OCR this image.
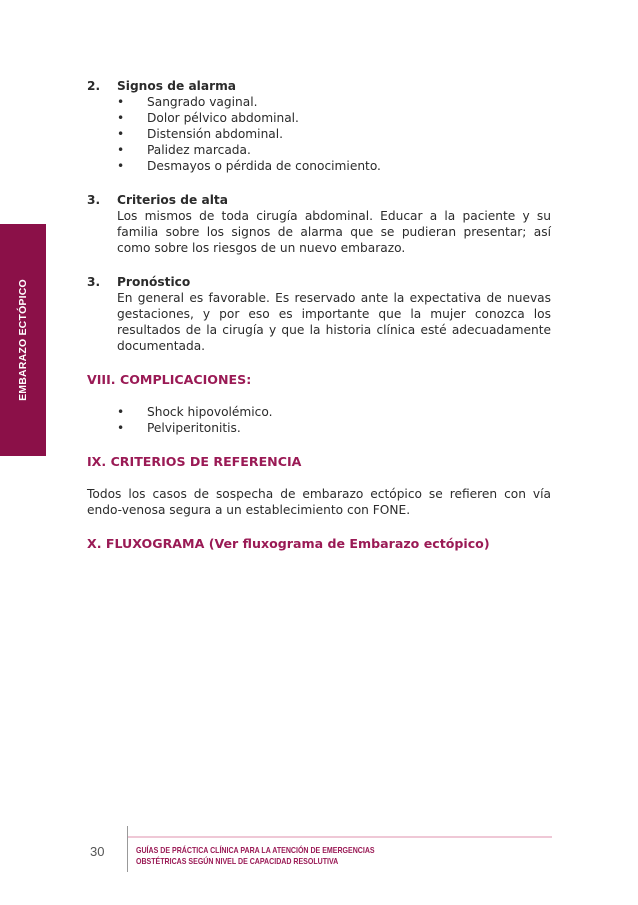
EMBARAZO ECTÓPICO
2.	Signos de alarma
•	Sangrado vaginal.
•	Dolor pélvico abdominal.
•	Distensión abdominal.
•	Palidez marcada.
•	Desmayos o pérdida de conocimiento.
3.	Criterios de alta
Los mismos de toda cirugía abdominal. Educar a la paciente y su familia sobre los signos de alarma que se pudieran presentar; así como sobre los riesgos de un nuevo embarazo.
3.	Pronóstico
En general es favorable. Es reservado ante la expectativa de nuevas gestaciones, y por eso es importante que la mujer conozca los resultados de la cirugía y que la historia clínica esté adecuadamente documentada.
VIII. COMPLICACIONES:
•	Shock hipovolémico.
•	Pelviperitonitis.
IX. CRITERIOS DE REFERENCIA
Todos los casos de sospecha de embarazo ectópico se refieren con vía endo-venosa segura a un establecimiento con FONE.
X. FLUXOGRAMA (Ver fluxograma de Embarazo ectópico)
30	GUÍAS DE PRÁCTICA CLÍNICA PARA LA ATENCIÓN DE EMERGENCIAS
OBSTÉTRICAS SEGÚN NIVEL DE CAPACIDAD RESOLUTIVA
